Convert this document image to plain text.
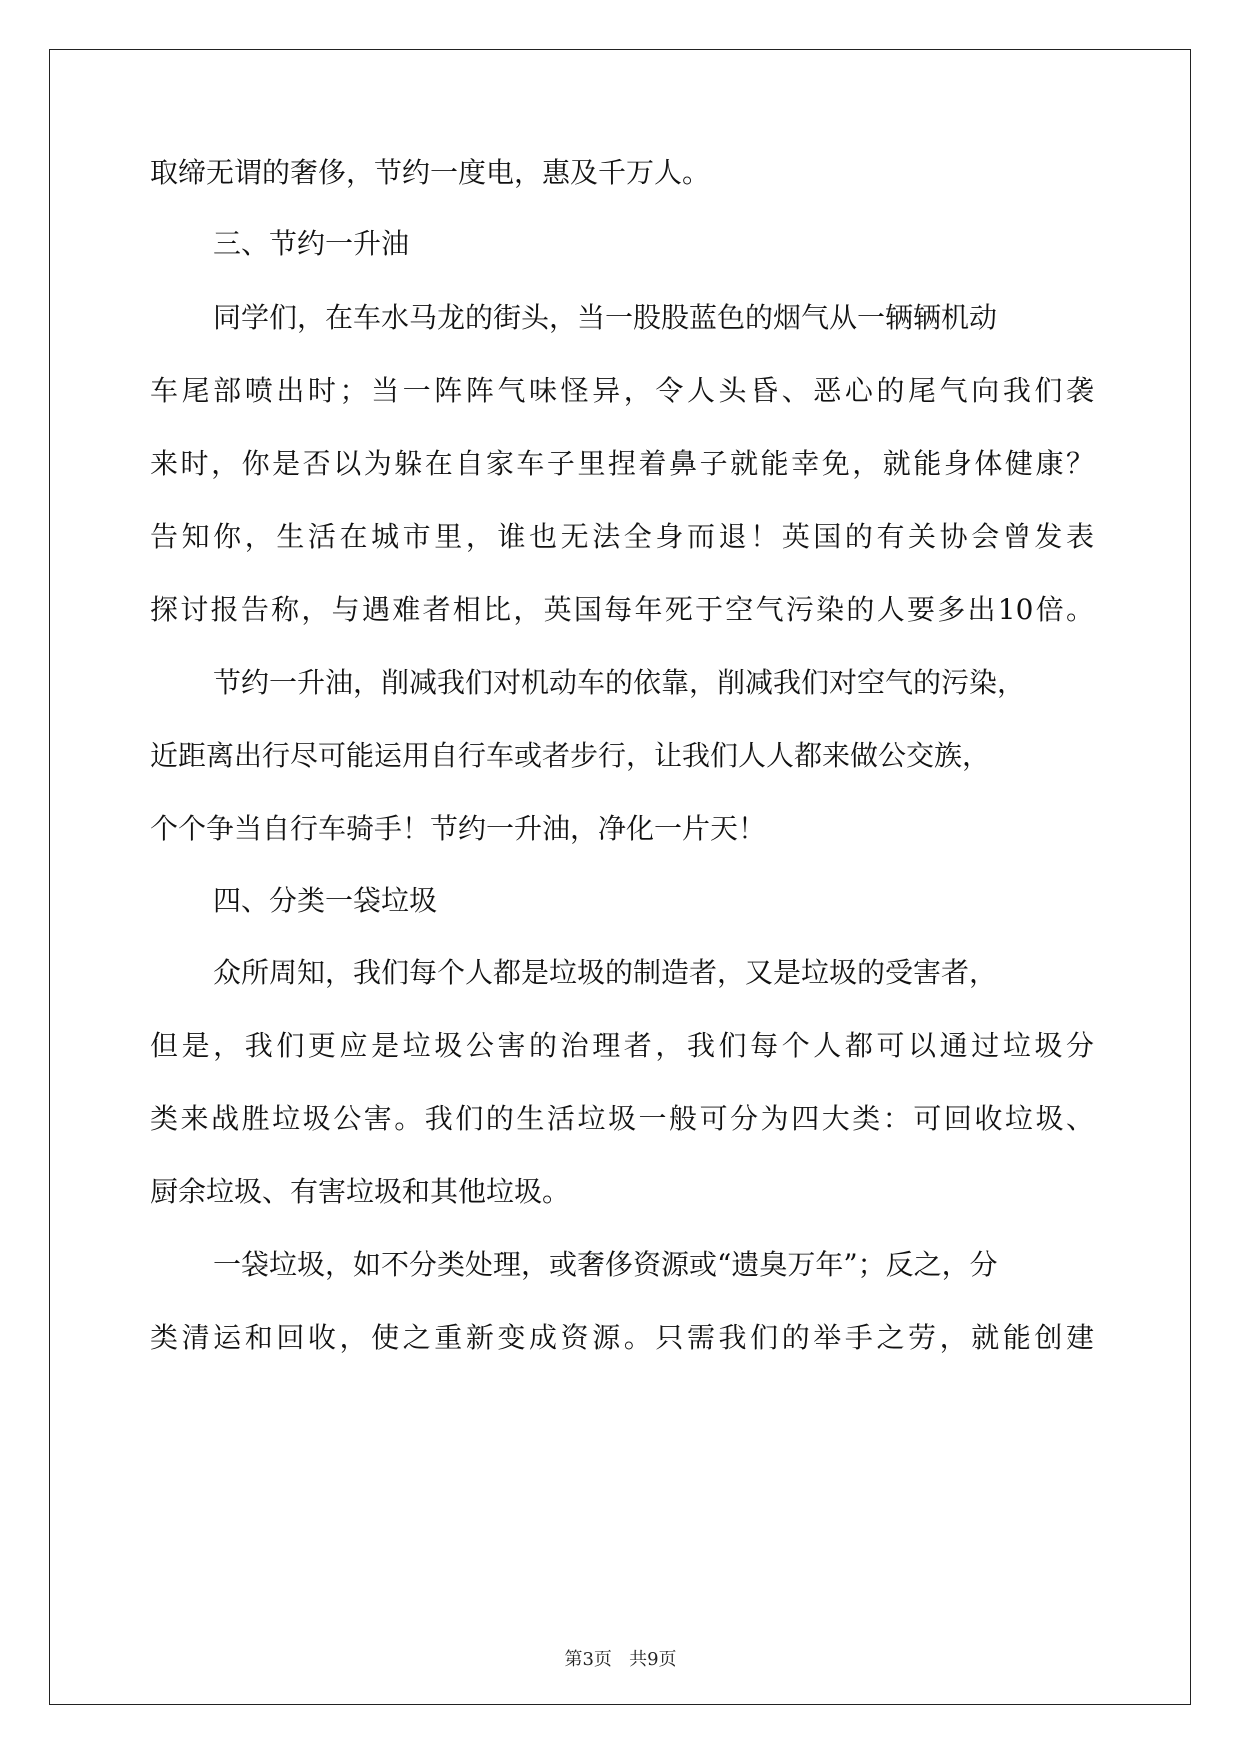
取缔无谓的奢侈，节约一度电，惠及千万人。
三、节约一升油
同学们，在车水马龙的街头，当一股股蓝色的烟气从一辆辆机动
车尾部喷出时；当一阵阵气味怪异，令人头昏、恶心的尾气向我们袭
来时，你是否以为躲在自家车子里捏着鼻子就能幸免，就能身体健康？
告知你，生活在城市里，谁也无法全身而退！英国的有关协会曾发表
探讨报告称，与遇难者相比，英国每年死于空气污染的人要多出10倍。
节约一升油，削减我们对机动车的依靠，削减我们对空气的污染，
近距离出行尽可能运用自行车或者步行，让我们人人都来做公交族，
个个争当自行车骑手！节约一升油，净化一片天！
四、分类一袋垃圾
众所周知，我们每个人都是垃圾的制造者，又是垃圾的受害者，
但是，我们更应是垃圾公害的治理者，我们每个人都可以通过垃圾分
类来战胜垃圾公害。我们的生活垃圾一般可分为四大类：可回收垃圾、
厨余垃圾、有害垃圾和其他垃圾。
一袋垃圾，如不分类处理，或奢侈资源或“遗臭万年”；反之，分
类清运和回收，使之重新变成资源。只需我们的举手之劳，就能创建
第3页 共9页
